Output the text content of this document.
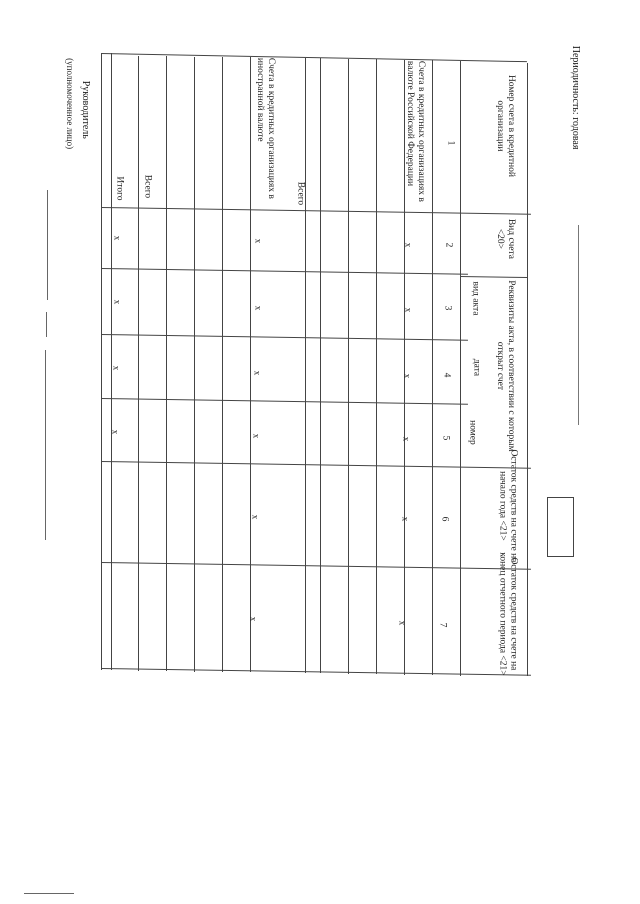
Периодичность: годовая
Номер счета в кредитной организации
Вид счета <20>
Реквизиты акта, в соответствии с которым открыт счет
вид акта
дата
номер
Остаток средств на счете на начало года <21>
Остаток средств на счете на конец отчетного периода <21>
1
2
3
4
5
6
7
Счета в кредитных организациях в валюте Российской Федерации
Всего
Счета в кредитных организациях в иностранной валюте
Всего
Итого
x
x
x
x
x
x
x
x
x
x
x
x
x
x
x
x
Руководитель
(уполномоченное лицо)
